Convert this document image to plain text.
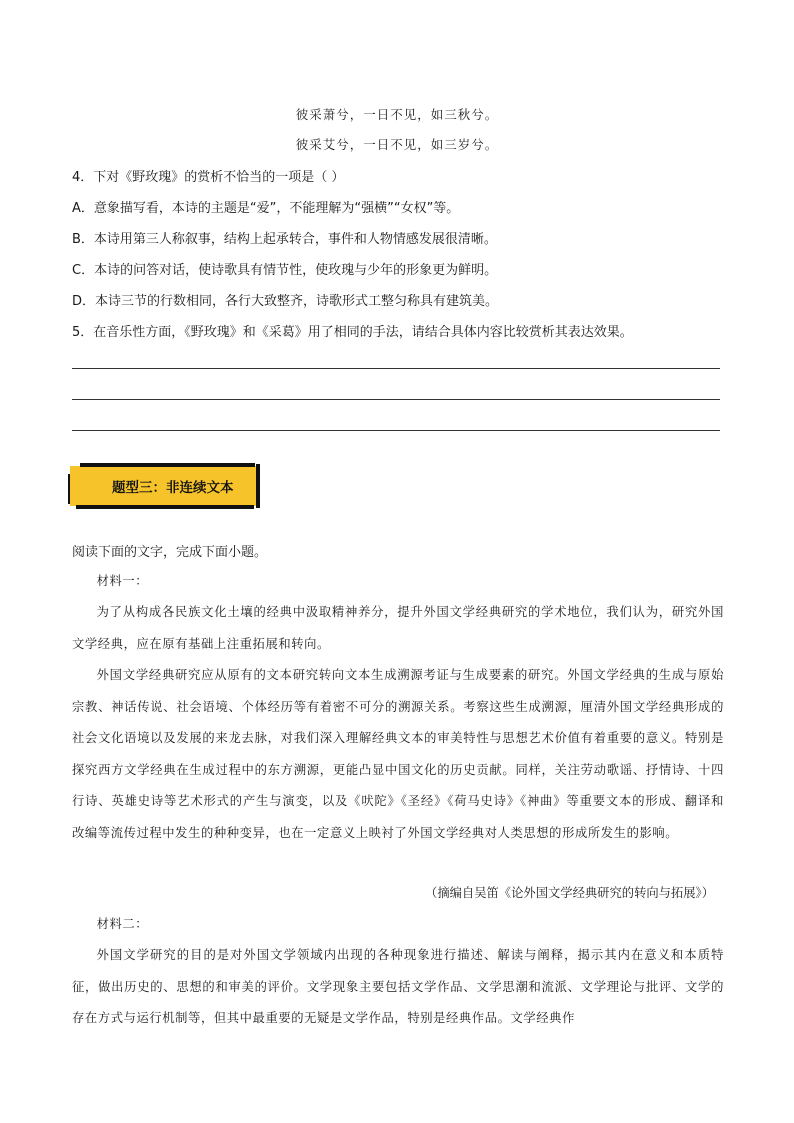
彼采萧兮，一日不见，如三秋兮。
彼采艾兮，一日不见，如三岁兮。
4．下对《野玫瑰》的赏析不恰当的一项是（ ）
A．意象描写看，本诗的主题是“爱”，不能理解为“强横”“女权”等。
B．本诗用第三人称叙事，结构上起承转合，事件和人物情感发展很清晰。
C．本诗的问答对话，使诗歌具有情节性，使玫瑰与少年的形象更为鲜明。
D．本诗三节的行数相同，各行大致整齐，诗歌形式工整匀称具有建筑美。
5．在音乐性方面，《野玫瑰》和《采葛》用了相同的手法，请结合具体内容比较赏析其表达效果。
题型三：非连续文本
阅读下面的文字，完成下面小题。
材料一：
为了从构成各民族文化土壤的经典中汲取精神养分，提升外国文学经典研究的学术地位，我们认为，研究外国文学经典，应在原有基础上注重拓展和转向。
外国文学经典研究应从原有的文本研究转向文本生成溯源考证与生成要素的研究。外国文学经典的生成与原始宗教、神话传说、社会语境、个体经历等有着密不可分的溯源关系。考察这些生成溯源，厘清外国文学经典形成的社会文化语境以及发展的来龙去脉，对我们深入理解经典文本的审美特性与思想艺术价值有着重要的意义。特别是探究西方文学经典在生成过程中的东方溯源，更能凸显中国文化的历史贡献。同样，关注劳动歌谣、抒情诗、十四行诗、英雄史诗等艺术形式的产生与演变，以及《吠陀》《圣经》《荷马史诗》《神曲》等重要文本的形成、翻译和改编等流传过程中发生的种种变异，也在一定意义上映衬了外国文学经典对人类思想的形成所发生的影响。
（摘编自吴笛《论外国文学经典研究的转向与拓展》）
材料二：
外国文学研究的目的是对外国文学领域内出现的各种现象进行描述、解读与阐释，揭示其内在意义和本质特征，做出历史的、思想的和审美的评价。文学现象主要包括文学作品、文学思潮和流派、文学理论与批评、文学的存在方式与运行机制等，但其中最重要的无疑是文学作品，特别是经典作品。文学经典作
